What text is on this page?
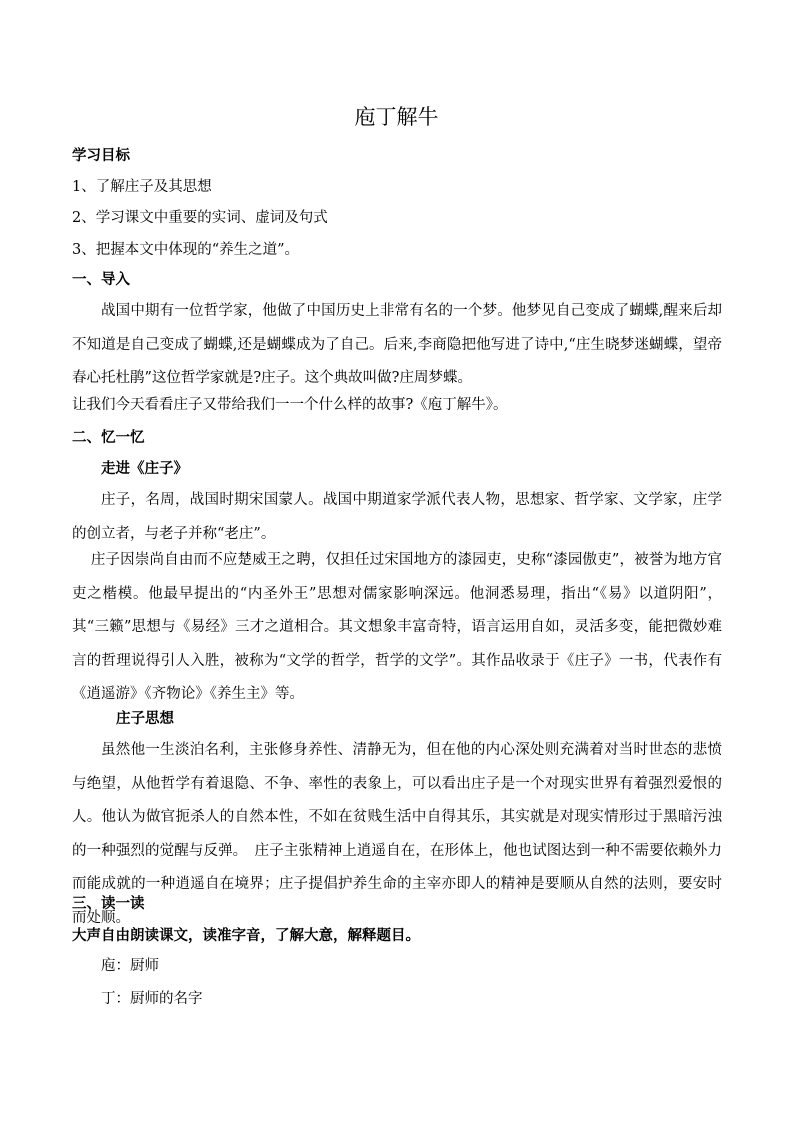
庖丁解牛
学习目标
1、了解庄子及其思想
2、学习课文中重要的实词、虚词及句式
3、把握本文中体现的“养生之道”。
一、导入
战国中期有一位哲学家，他做了中国历史上非常有名的一个梦。他梦见自己变成了蝴蝶,醒来后却不知道是自己变成了蝴蝶,还是蝴蝶成为了自己。后来,李商隐把他写进了诗中,“庄生晓梦迷蝴蝶，望帝春心托杜鹃”这位哲学家就是?庄子。这个典故叫做?庄周梦蝶。
让我们今天看看庄子又带给我们一一个什么样的故事?《庖丁解牛》。
二、忆一忆
走进《庄子》
庄子，名周，战国时期宋国蒙人。战国中期道家学派代表人物，思想家、哲学家、文学家，庄学的创立者，与老子并称“老庄”。
庄子因崇尚自由而不应楚威王之聘，仅担任过宋国地方的漆园吏，史称“漆园傲吏”，被誉为地方官吏之楷模。他最早提出的“内圣外王”思想对儒家影响深远。他洞悉易理，指出“《易》以道阴阳”，其“三籁”思想与《易经》三才之道相合。其文想象丰富奇特，语言运用自如，灵活多变，能把微妙难言的哲理说得引人入胜，被称为“文学的哲学，哲学的文学”。其作品收录于《庄子》一书，代表作有《逍遥游》《齐物论》《养生主》等。
庄子思想
虽然他一生淡泊名利，主张修身养性、清静无为，但在他的内心深处则充满着对当时世态的悲愤与绝望，从他哲学有着退隐、不争、率性的表象上，可以看出庄子是一个对现实世界有着强烈爱恨的人。他认为做官扼杀人的自然本性，不如在贫贱生活中自得其乐，其实就是对现实情形过于黑暗污浊的一种强烈的觉醒与反弹。　庄子主张精神上逍遥自在，在形体上，他也试图达到一种不需要依赖外力而能成就的一种逍遥自在境界；庄子提倡护养生命的主宰亦即人的精神是要顺从自然的法则，要安时而处顺。
三、读一读
大声自由朗读课文，读准字音，了解大意，解释题目。
庖：厨师
丁：厨师的名字
